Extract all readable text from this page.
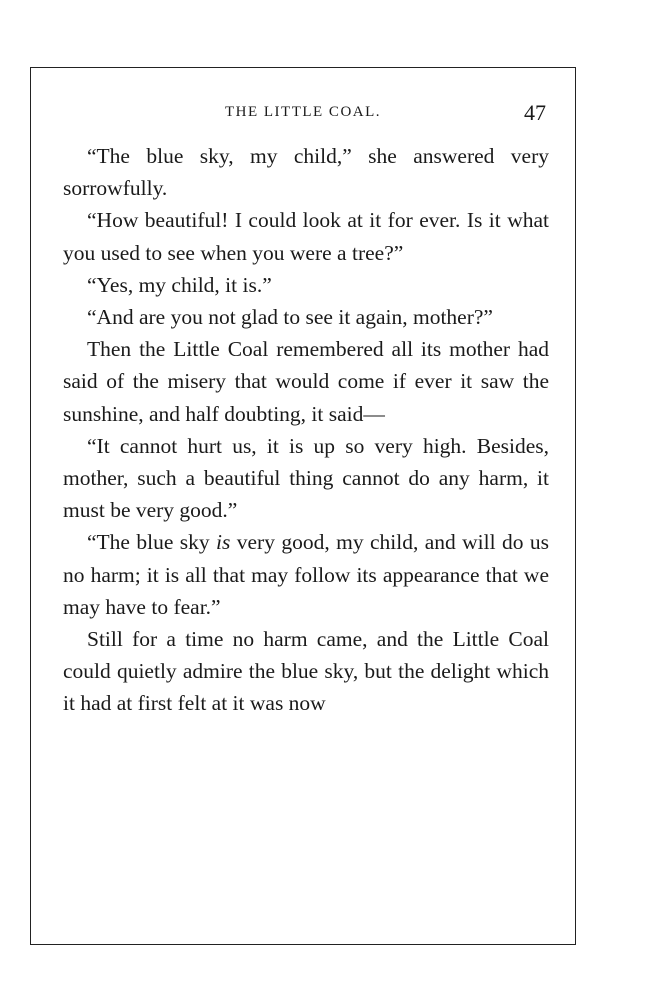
THE LITTLE COAL.	47

“The blue sky, my child,” she answered very sorrowfully.

“How beautiful! I could look at it for ever. Is it what you used to see when you were a tree?”

“Yes, my child, it is.”

“And are you not glad to see it again, mother?”

Then the Little Coal remembered all its mother had said of the misery that would come if ever it saw the sunshine, and half doubting, it said—

“It cannot hurt us, it is up so very high. Besides, mother, such a beautiful thing cannot do any harm, it must be very good.”

“The blue sky is very good, my child, and will do us no harm; it is all that may follow its appearance that we may have to fear.”

Still for a time no harm came, and the Little Coal could quietly admire the blue sky, but the delight which it had at first felt at it was now
